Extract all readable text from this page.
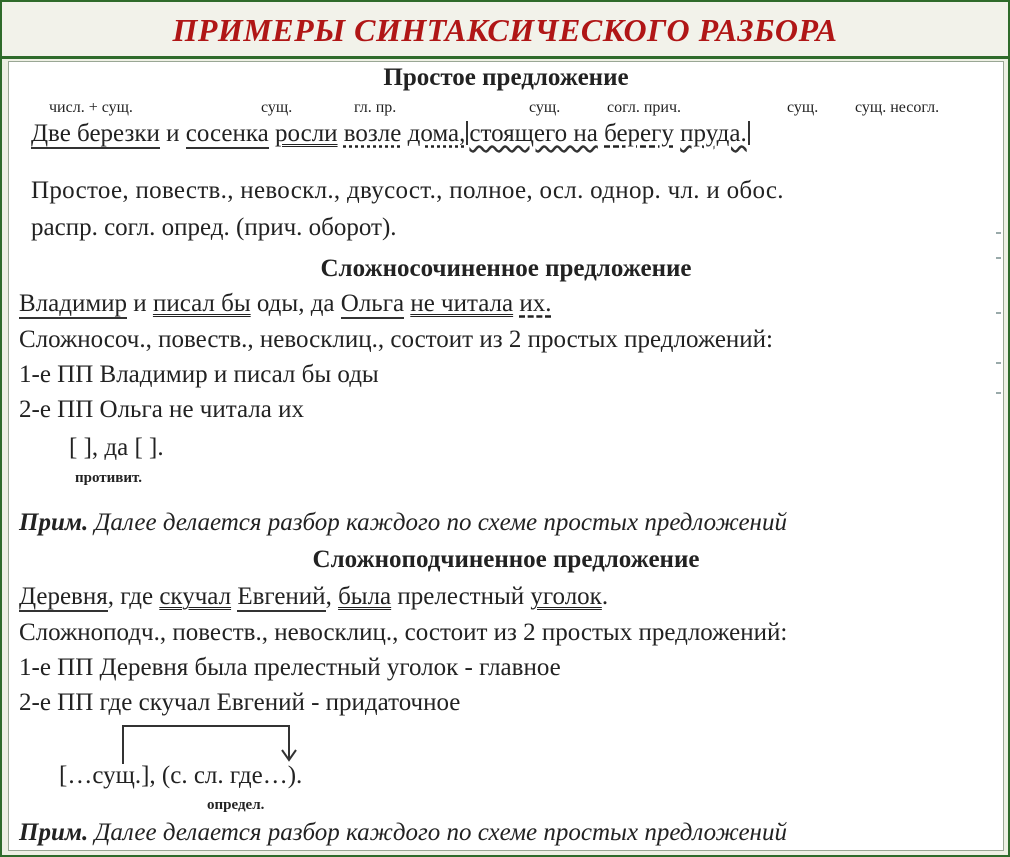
ПРИМЕРЫ СИНТАКСИЧЕСКОГО РАЗБОРА
Простое предложение
числ. + сущ.	сущ.	гл. пр.	сущ.	согл. прич.	сущ. сущ. несогл.
Две березки и сосенка росли возле дома, стоящего на берегу пруда.
Простое, повеств., невоскл., двусост., полное, осл. однор. чл. и обос.
распр. согл. опред. (прич. оборот).
Сложносочиненное предложение
Владимир и писал бы оды, да Ольга не читала их.
Сложносоч., повеств., невосклиц., состоит из 2 простых предложений:
1-е ПП Владимир и писал бы оды
2-е ПП Ольга не читала их
[ ], да [ ].
противит.
Прим. Далее делается разбор каждого по схеме простых предложений
Сложноподчиненное предложение
Деревня, где скучал Евгений, была прелестный уголок.
Сложноподч., повеств., невосклиц., состоит из 2 простых предложений:
1-е ПП Деревня была прелестный уголок - главное
2-е ПП где скучал Евгений - придаточное
[…сущ.], (с. сл. где…).
определ.
Прим. Далее делается разбор каждого по схеме простых предложений
